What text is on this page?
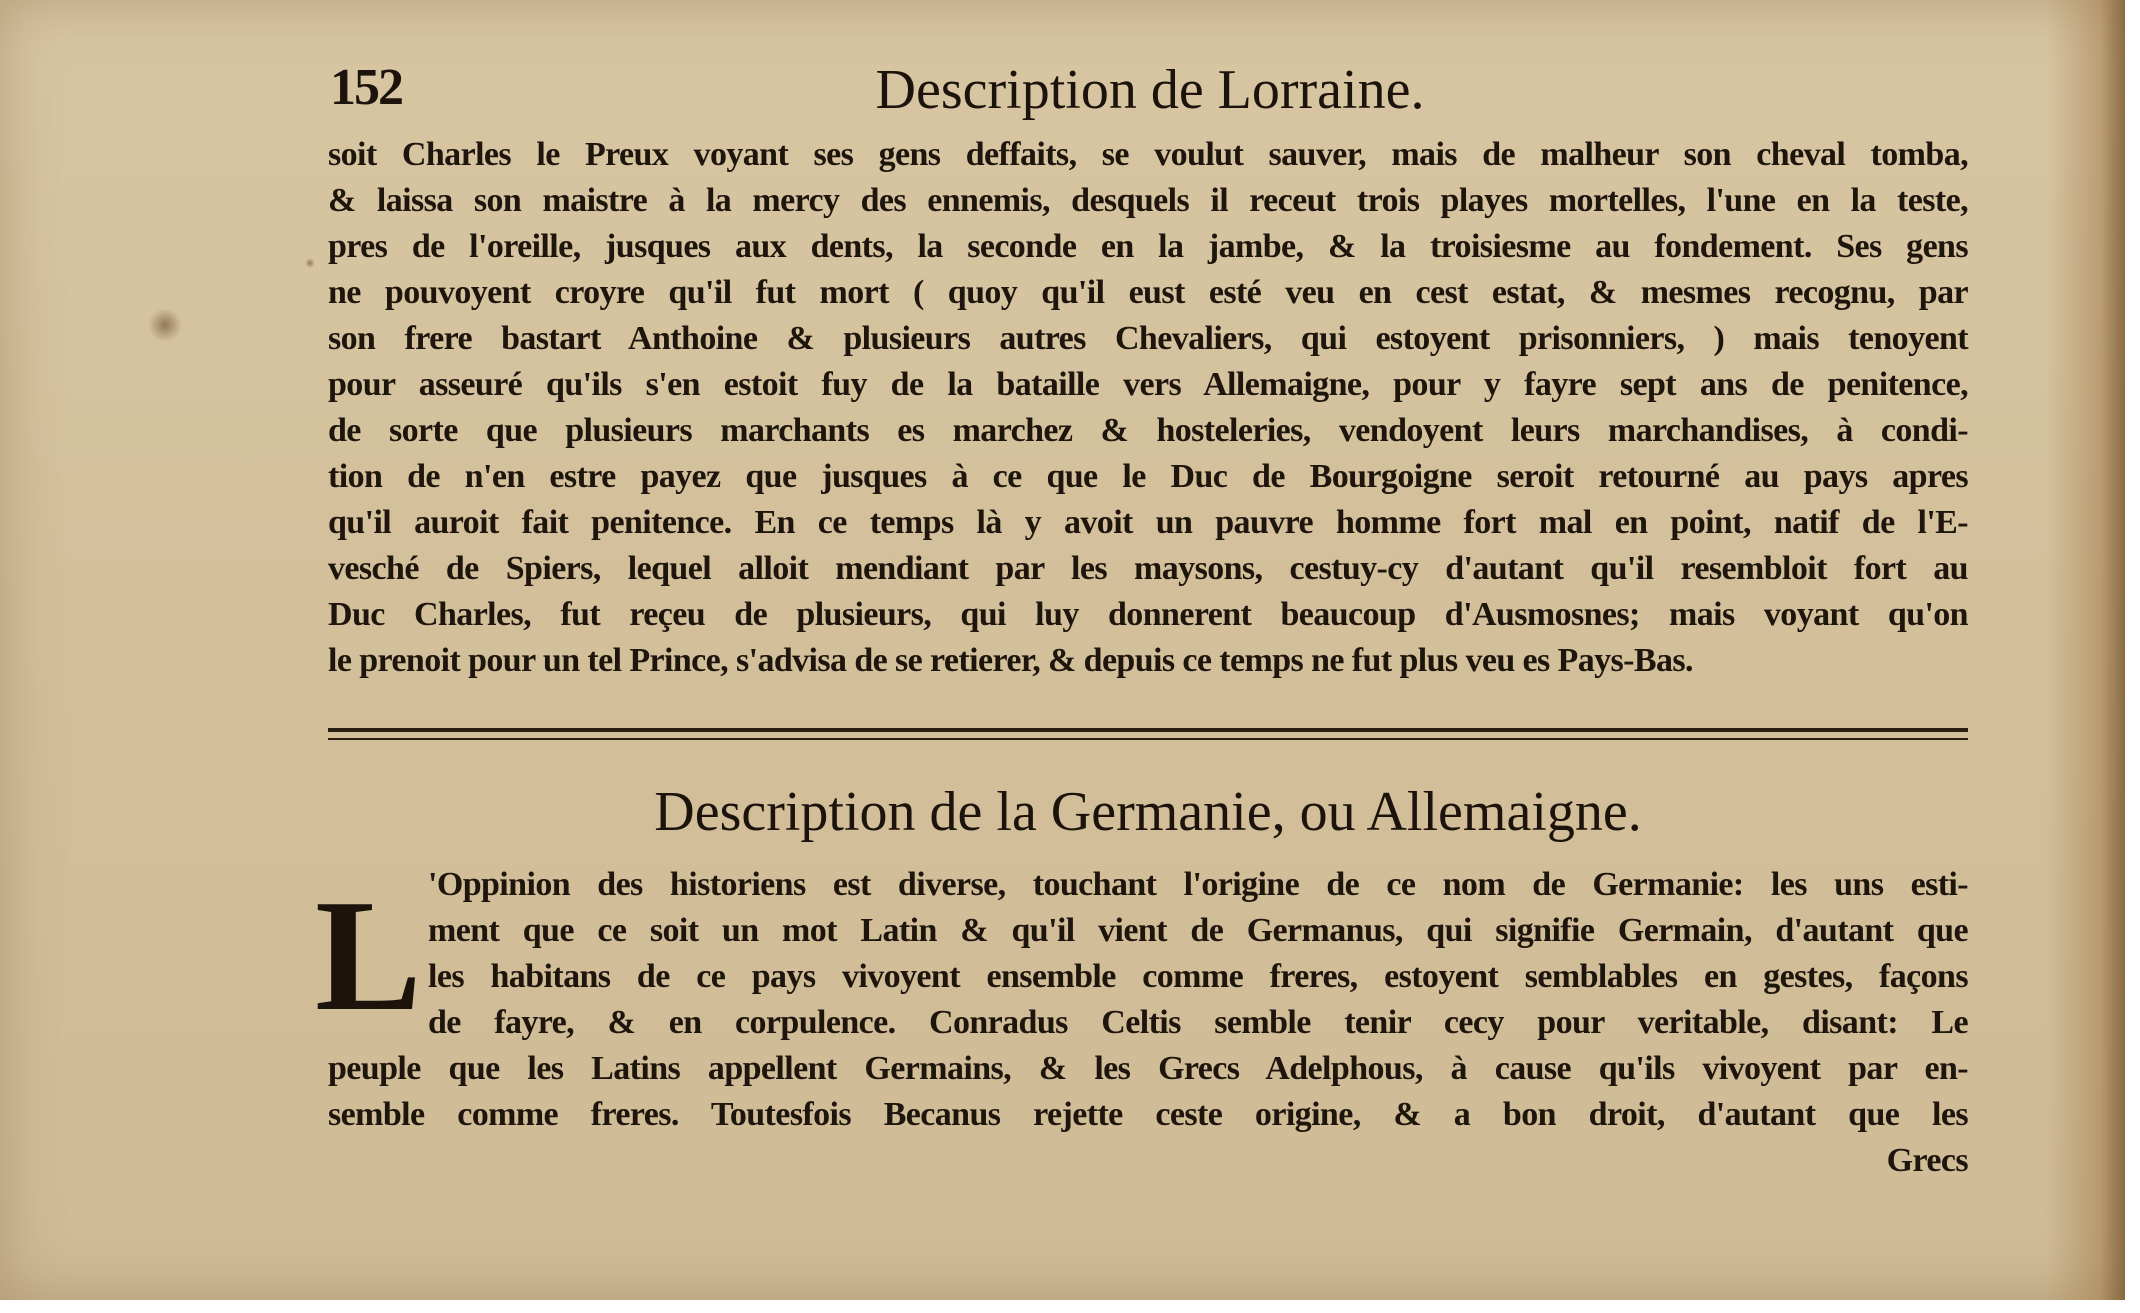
152	Description de Lorraine.
soit Charles le Preux voyant ses gens deffaits, se voulut sauver, mais de malheur son cheval tomba,
& laissa son maistre à la mercy des ennemis, desquels il receut trois playes mortelles, l'une en la teste,
pres de l'oreille, jusques aux dents, la seconde en la jambe, & la troisiesme au fondement. Ses gens
ne pouvoyent croyre qu'il fut mort ( quoy qu'il eust esté veu en cest estat, & mesmes recognu, par
son frere bastart Anthoine & plusieurs autres Chevaliers, qui estoyent prisonniers, ) mais tenoyent
pour asseuré qu'ils s'en estoit fuy de la bataille vers Allemaigne, pour y fayre sept ans de penitence,
de sorte que plusieurs marchants es marchez & hosteleries, vendoyent leurs marchandises, à condi-
tion de n'en estre payez que jusques à ce que le Duc de Bourgoigne seroit retourné au pays apres
qu'il auroit fait penitence. En ce temps là y avoit un pauvre homme fort mal en point, natif de l'E-
vesché de Spiers, lequel alloit mendiant par les maysons, cestuy-cy d'autant qu'il resembloit fort au
Duc Charles, fut reçeu de plusieurs, qui luy donnerent beaucoup d'Ausmosnes; mais voyant qu'on
le prenoit pour un tel Prince, s'advisa de se retierer, & depuis ce temps ne fut plus veu es Pays-Bas.
Description de la Germanie, ou Allemaigne.
L 'Oppinion des historiens est diverse, touchant l'origine de ce nom de Germanie: les uns esti-
ment que ce soit un mot Latin & qu'il vient de Germanus, qui signifie Germain, d'autant que
les habitans de ce pays vivoyent ensemble comme freres, estoyent semblables en gestes, façons
de fayre, & en corpulence. Conradus Celtis semble tenir cecy pour veritable, disant: Le
peuple que les Latins appellent Germains, & les Grecs Adelphous, à cause qu'ils vivoyent par en-
semble comme freres. Toutesfois Becanus rejette ceste origine, & a bon droit, d'autant que les
Grecs
